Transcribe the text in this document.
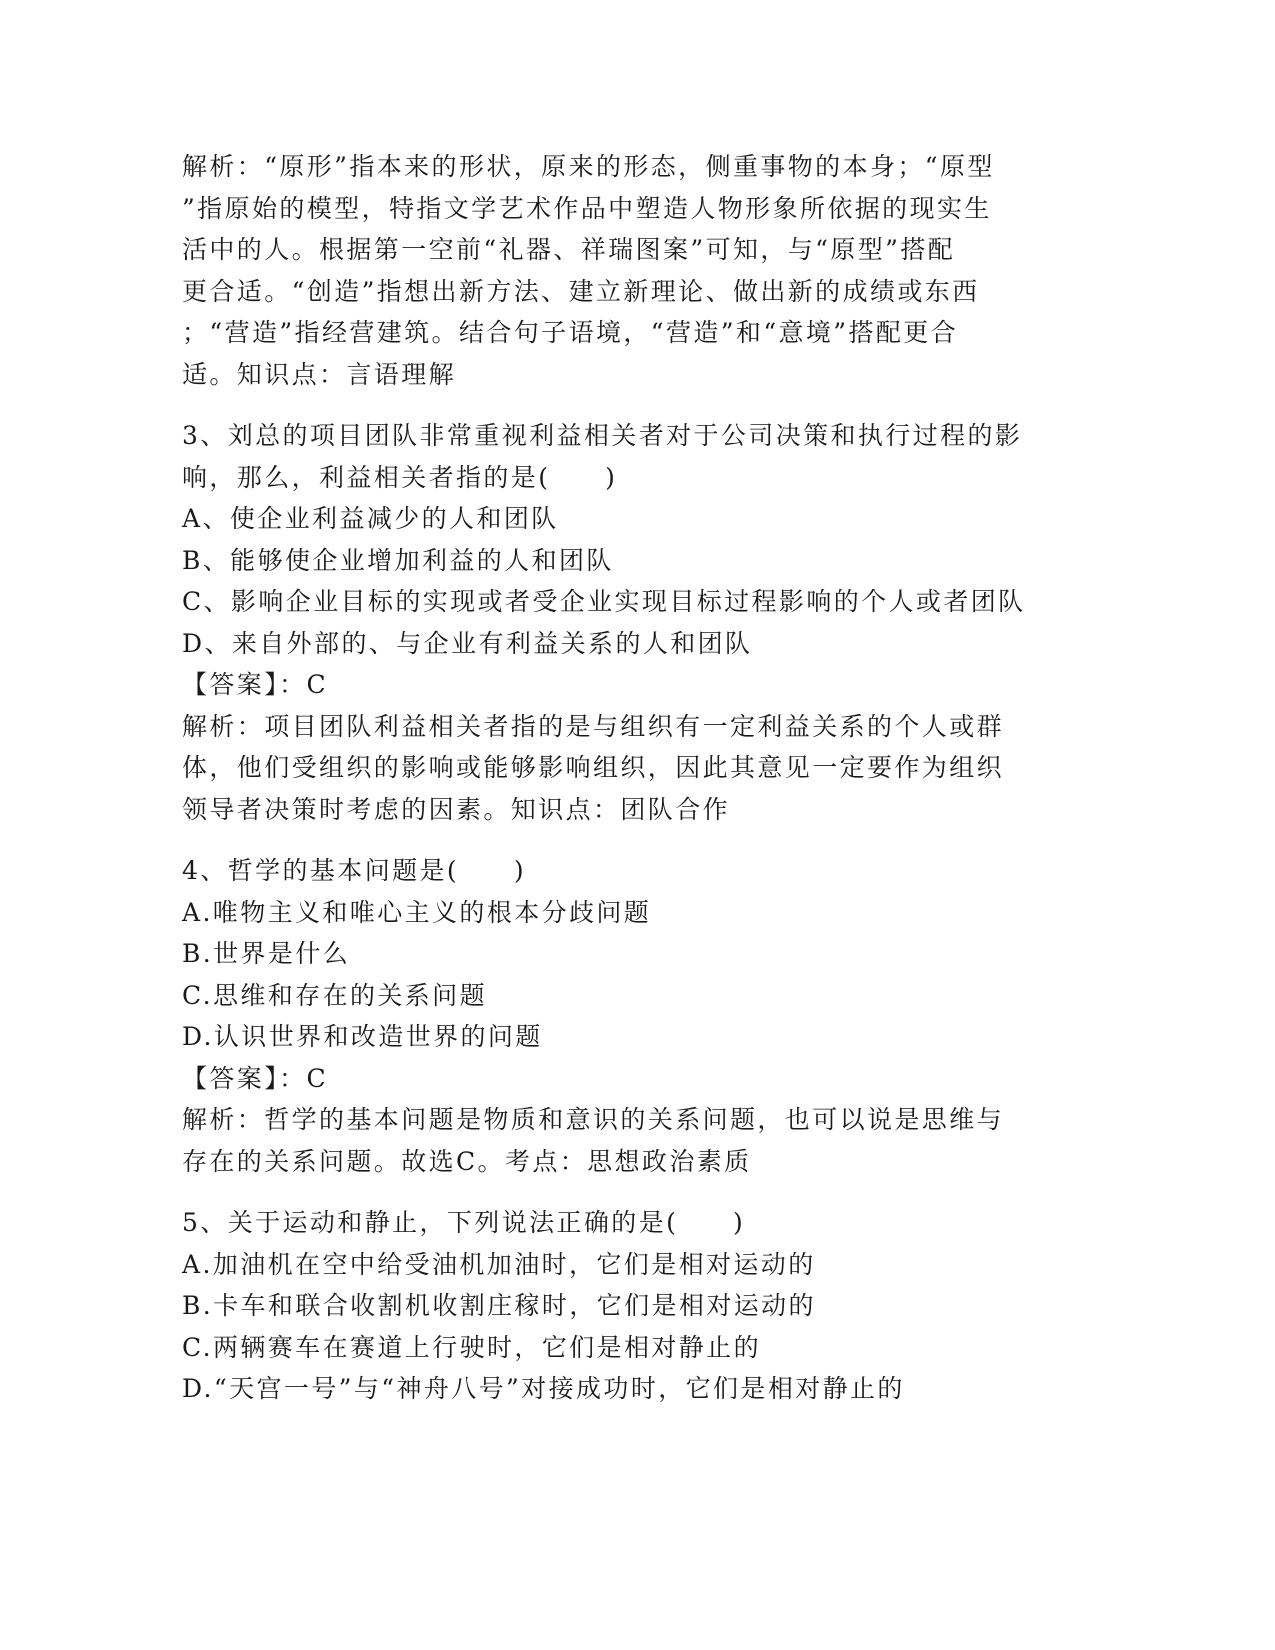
解析：“原形”指本来的形状，原来的形态，侧重事物的本身；“原型
”指原始的模型，特指文学艺术作品中塑造人物形象所依据的现实生
活中的人。根据第一空前“礼器、祥瑞图案”可知，与“原型”搭配
更合适。“创造”指想出新方法、建立新理论、做出新的成绩或东西
；“营造”指经营建筑。结合句子语境，“营造”和“意境”搭配更合
适。知识点：言语理解
3、刘总的项目团队非常重视利益相关者对于公司决策和执行过程的影
响，那么，利益相关者指的是(　　)
A、使企业利益减少的人和团队
B、能够使企业增加利益的人和团队
C、影响企业目标的实现或者受企业实现目标过程影响的个人或者团队
D、来自外部的、与企业有利益关系的人和团队
【答案】：C
解析：项目团队利益相关者指的是与组织有一定利益关系的个人或群
体，他们受组织的影响或能够影响组织，因此其意见一定要作为组织
领导者决策时考虑的因素。知识点：团队合作
4、哲学的基本问题是(　　)
A.唯物主义和唯心主义的根本分歧问题
B.世界是什么
C.思维和存在的关系问题
D.认识世界和改造世界的问题
【答案】：C
解析：哲学的基本问题是物质和意识的关系问题，也可以说是思维与
存在的关系问题。故选C。考点：思想政治素质
5、关于运动和静止，下列说法正确的是(　　)
A.加油机在空中给受油机加油时，它们是相对运动的
B.卡车和联合收割机收割庄稼时，它们是相对运动的
C.两辆赛车在赛道上行驶时，它们是相对静止的
D.“天宫一号”与“神舟八号”对接成功时，它们是相对静止的
